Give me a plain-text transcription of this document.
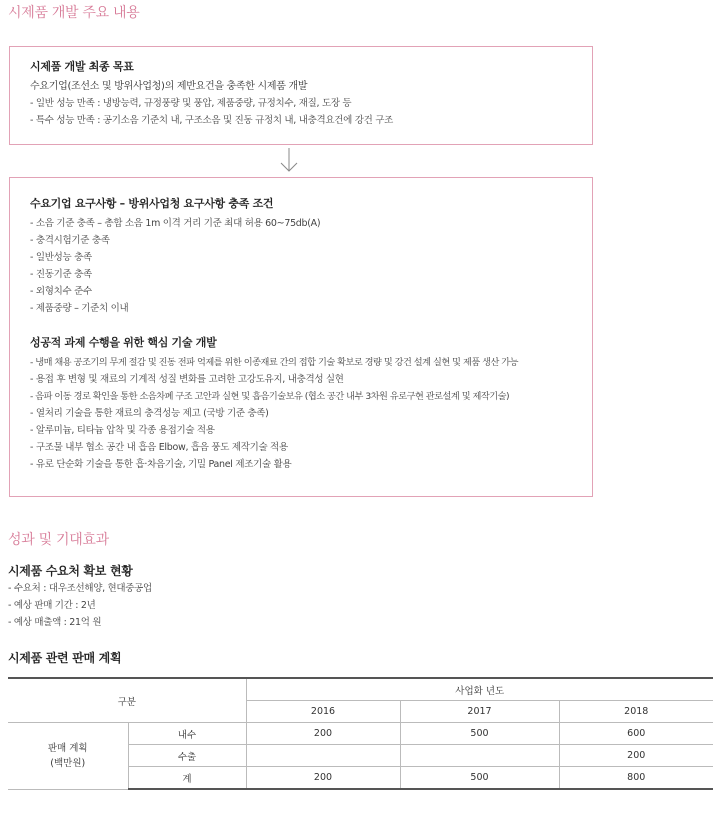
시제품 개발 주요 내용
시제품 개발 최종 목표
수요기업(조선소 및 방위사업청)의 제반요건을 충족한 시제품 개발
- 일반 성능 만족 : 냉방능력, 규정풍량 및 풍압, 제품중량, 규정치수, 재질, 도장 등
- 특수 성능 만족 : 공기소음 기준치 내, 구조소음 및 진동 규정치 내, 내충격요건에 강건 구조
수요기업 요구사항 – 방위사업청 요구사항 충족 조건
- 소음 기준 충족 – 총합 소음 1m 이격 거리 기준 최대 허용 60~75db(A)
- 충격시험기준 충족
- 일반성능 충족
- 진동기준 충족
- 외형치수 준수
- 제품중량 – 기준치 이내
성공적 과제 수행을 위한 핵심 기술 개발
- 냉매 채용 공조기의 무게 절감 및 진동 전파 억제를 위한 이종재료 간의 접합 기술 확보로 경량 및 강건 설계 실현 및 제품 생산 가능
- 용접 후 변형 및 재료의 기계적 성질 변화를 고려한 고강도유지, 내충격성 실현
- 음파 이동 경로 확인을 통한 소음차폐 구조 고안과 실현 및 흡음기술보유 (협소 공간 내부 3차원 유로구현 관로설계 및 제작기술)
- 열처리 기술을 통한 재료의 충격성능 제고 (국방 기준 충족)
- 알루미늄, 티타늄 압착 및 각종 용접기술 적용
- 구조물 내부 협소 공간 내 흡음 Elbow, 흡음 풍도 제작기술 적용
- 유로 단순화 기술을 통한 흡·차음기술, 기밀 Panel 제조기술 활용
성과 및 기대효과
시제품 수요처 확보 현황
- 수요처 : 대우조선해양, 현대중공업
- 예상 판매 기간 : 2년
- 예상 매출액 : 21억 원
시제품 관련 판매 계획
구분		사업화 년도		
		2016	2017	2018

판매 계획
(백만원)	내수	200	500	600
	수출			200
	계	200	500	800
